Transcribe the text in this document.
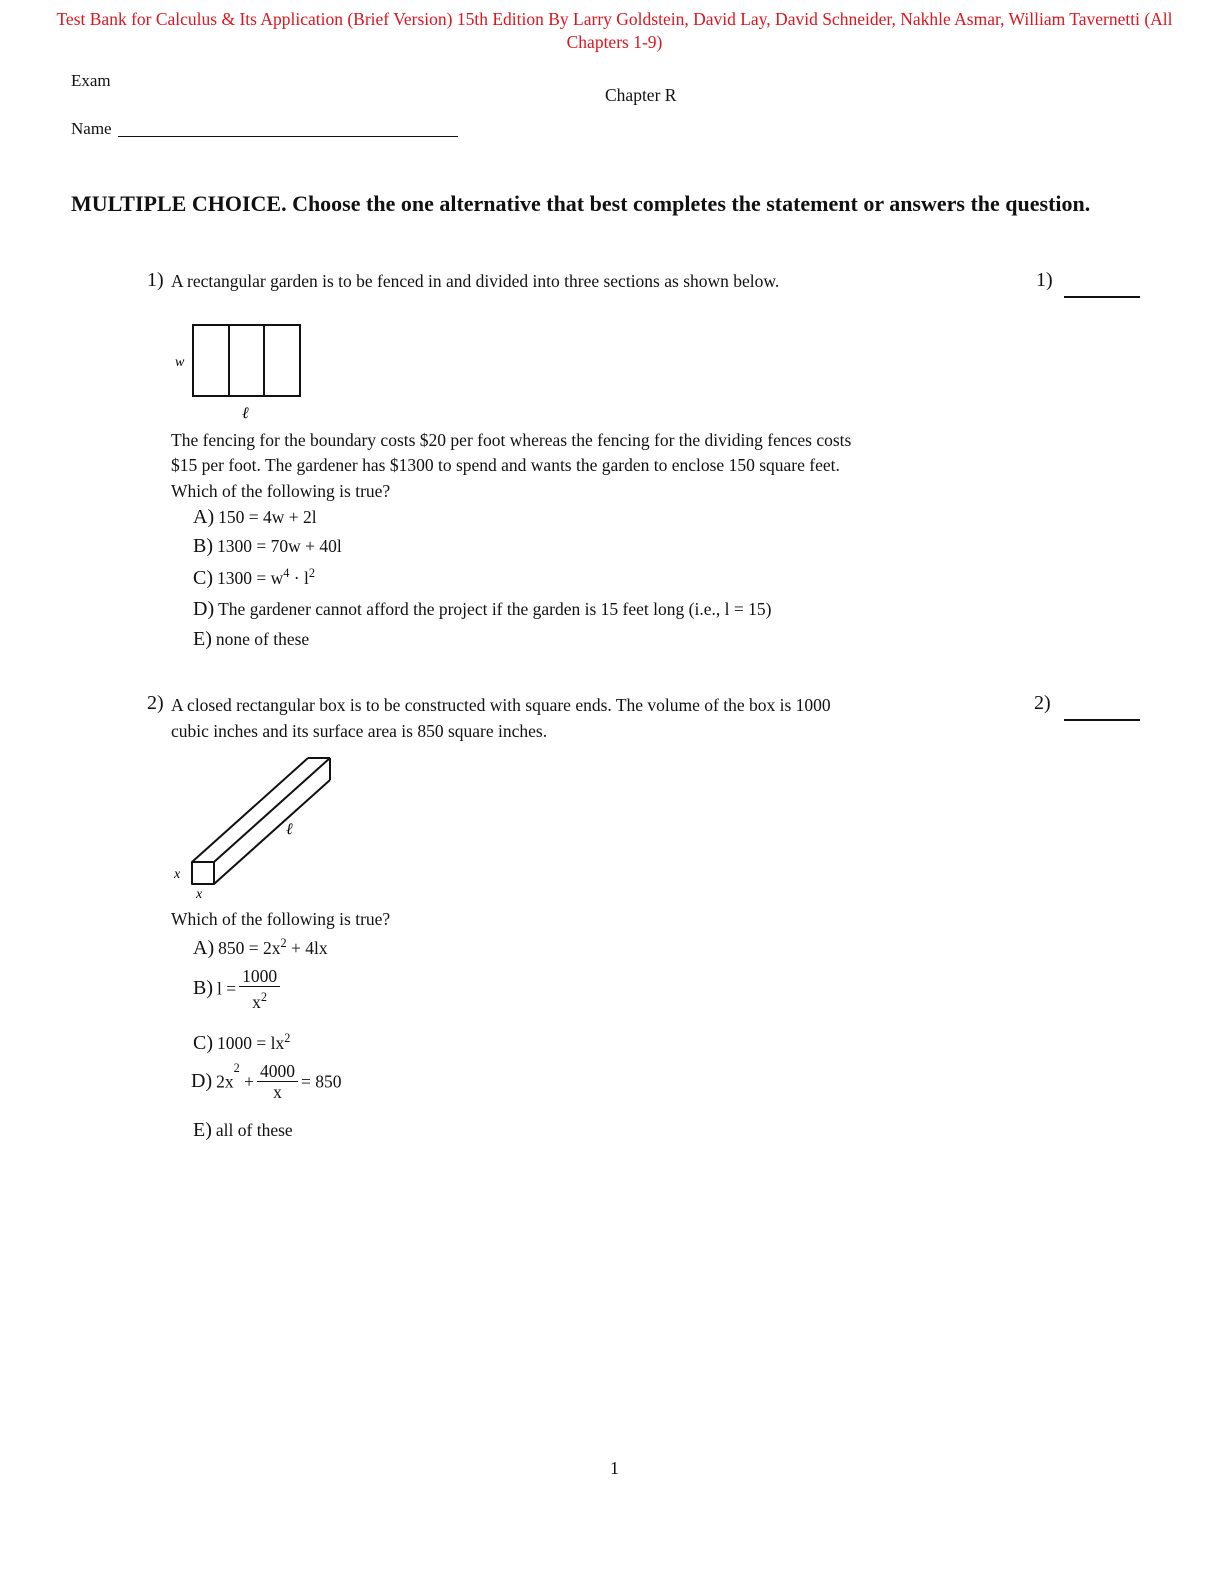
Test Bank for Calculus & Its Application (Brief Version) 15th Edition By Larry Goldstein, David Lay, David Schneider, Nakhle Asmar, William Tavernetti (All Chapters 1-9)
Exam
Chapter R
Name
MULTIPLE CHOICE. Choose the one alternative that best completes the statement or answers the question.
1) A rectangular garden is to be fenced in and divided into three sections as shown below.	1)
w
ℓ
The fencing for the boundary costs $20 per foot whereas the fencing for the dividing fences costs
$15 per foot. The gardener has $1300 to spend and wants the garden to enclose 150 square feet.
Which of the following is true?
A) 150 = 4w + 2l
B) 1300 = 70w + 40l
C) $1300 = w^4 \cdot l^2$
D) The gardener cannot afford the project if the garden is 15 feet long (i.e., l = 15)
E) none of these
2) A closed rectangular box is to be constructed with square ends. The volume of the box is 1000
cubic inches and its surface area is 850 square inches.
2)
x
x
ℓ
Which of the following is true?
A) $850 = 2x^2 + 4lx$
B) $l = \frac{1000}{x^2}$
C) $1000 = lx^2$
D) $2x^2 + \frac{4000}{x} = 850$
E) all of these
1
